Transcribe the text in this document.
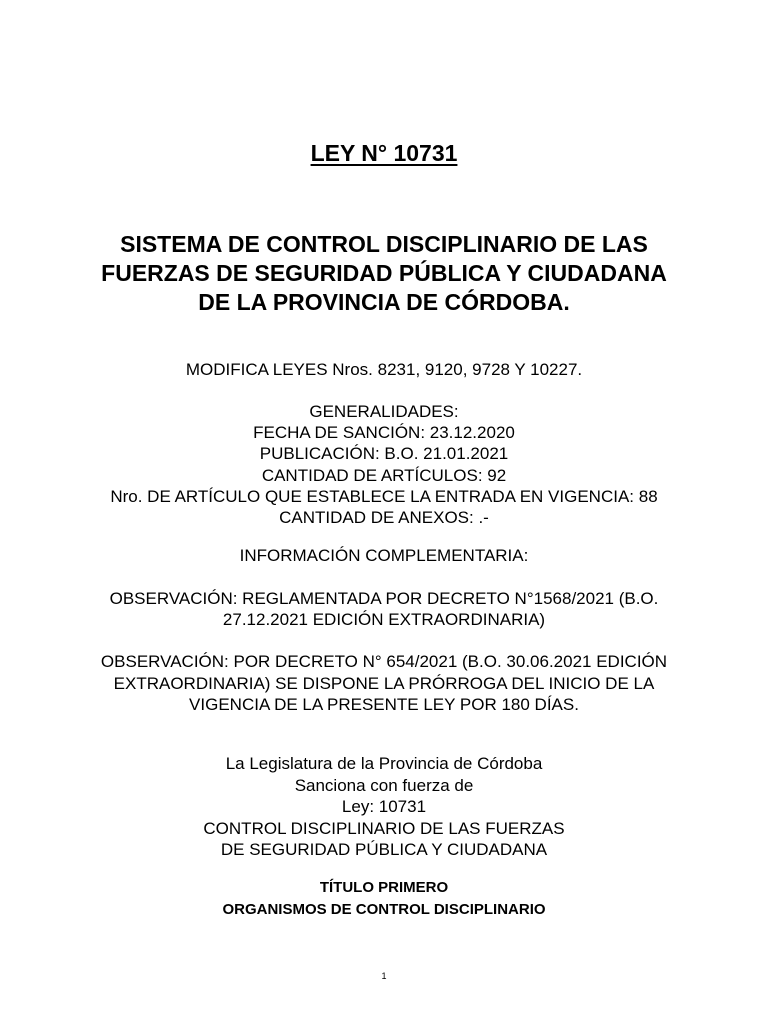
LEY N° 10731
SISTEMA DE CONTROL DISCIPLINARIO DE LAS
FUERZAS DE SEGURIDAD PÚBLICA Y CIUDADANA
DE LA PROVINCIA DE CÓRDOBA.
MODIFICA LEYES Nros. 8231, 9120, 9728 Y 10227.
GENERALIDADES:
FECHA DE SANCIÓN: 23.12.2020
PUBLICACIÓN: B.O. 21.01.2021
CANTIDAD DE ARTÍCULOS: 92
Nro. DE ARTÍCULO QUE ESTABLECE LA ENTRADA EN VIGENCIA: 88
CANTIDAD DE ANEXOS: .-
INFORMACIÓN COMPLEMENTARIA:
OBSERVACIÓN: REGLAMENTADA POR DECRETO N°1568/2021 (B.O.
27.12.2021 EDICIÓN EXTRAORDINARIA)
OBSERVACIÓN: POR DECRETO N° 654/2021 (B.O. 30.06.2021 EDICIÓN
EXTRAORDINARIA) SE DISPONE LA PRÓRROGA DEL INICIO DE LA
VIGENCIA DE LA PRESENTE LEY POR 180 DÍAS.
La Legislatura de la Provincia de Córdoba
Sanciona con fuerza de
Ley: 10731
CONTROL DISCIPLINARIO DE LAS FUERZAS
DE SEGURIDAD PÚBLICA Y CIUDADANA
TÍTULO PRIMERO
ORGANISMOS DE CONTROL DISCIPLINARIO
1
